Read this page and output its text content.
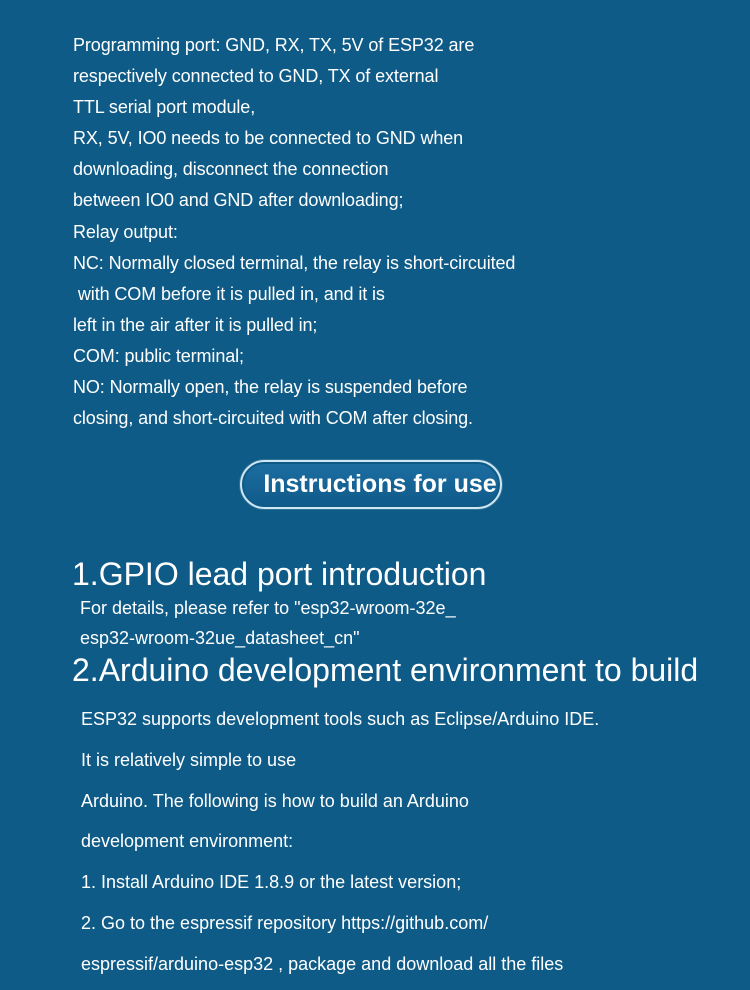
Programming port: GND, RX, TX, 5V of ESP32 are
respectively connected to GND, TX of external
TTL serial port module,
RX, 5V, IO0 needs to be connected to GND when
downloading, disconnect the connection
between IO0 and GND after downloading;
Relay output:
NC: Normally closed terminal, the relay is short-circuited
with COM before it is pulled in, and it is
left in the air after it is pulled in;
COM: public terminal;
NO: Normally open, the relay is suspended before
closing, and short-circuited with COM after closing.
Instructions for use
1.GPIO lead port introduction
For details, please refer to "esp32-wroom-32e_
esp32-wroom-32ue_datasheet_cn"
2.Arduino development environment to build
ESP32 supports development tools such as Eclipse/Arduino IDE.
It is relatively simple to use
Arduino. The following is how to build an Arduino
development environment:
1. Install Arduino IDE 1.8.9 or the latest version;
2. Go to the espressif repository https://github.com/
espressif/arduino-esp32 , package and download all the files
